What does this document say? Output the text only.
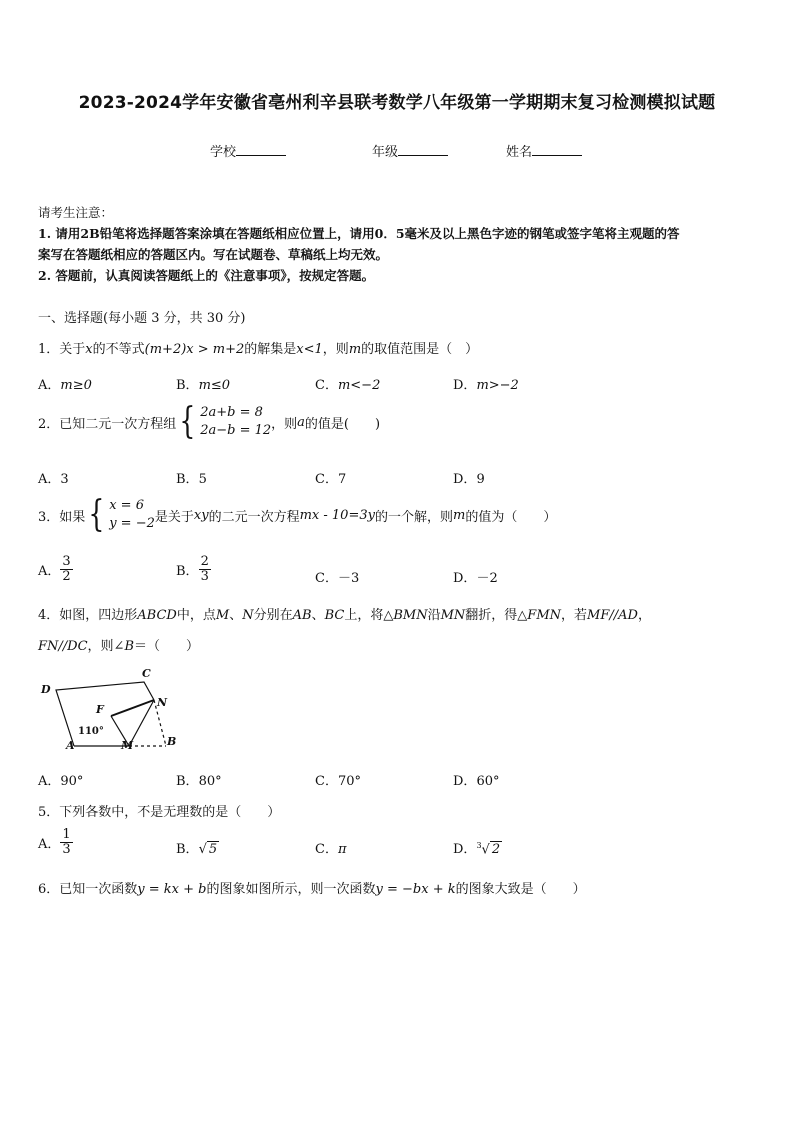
2023-2024学年安徽省亳州利辛县联考数学八年级第一学期期末复习检测模拟试题
学校	年级	姓名
请考生注意：
1. 请用2B铅笔将选择题答案涂填在答题纸相应位置上，请用0．5毫米及以上黑色字迹的钢笔或签字笔将主观题的答
案写在答题纸相应的答题区内。写在试题卷、草稿纸上均无效。
2. 答题前，认真阅读答题纸上的《注意事项》，按规定答题。
一、选择题(每小题 3 分，共 30 分)
1．关于x的不等式(m+2)x > m+2的解集是x<1，则m的取值范围是（　）
A．m≥0	B．m≤0	C．m<−2	D．m>−2
2． 已知二元一次方程组 { 2a+b = 8
2a−b = 12 ，则 a 的值是(　　)
A．3	B．5	C．7	D．9
3． 如果 { x = 6
y = −2 是关于 xy 的二元一次方程 mx - 10=3y 的一个解，则 m 的值为（　　）
A． $\frac{3}{2}$	B． $\frac{2}{3}$	C．－3	D．－2
4．如图，四边形ABCD中，点M、N分别在AB、BC上，将△BMN沿MN翻折，得△FMN，若MF//AD，
FN//DC，则∠B＝（　　）
D
C
N
F
A	M	B
110°
A．90°	B．80°	C．70°	D．60°
5．下列各数中，不是无理数的是（　　）
A． $\frac{1}{3}$	B．√ 5	C．π	D．$^3$√ 2
6．已知一次函数y = kx + b的图象如图所示，则一次函数y = −bx + k的图象大致是（　　）
